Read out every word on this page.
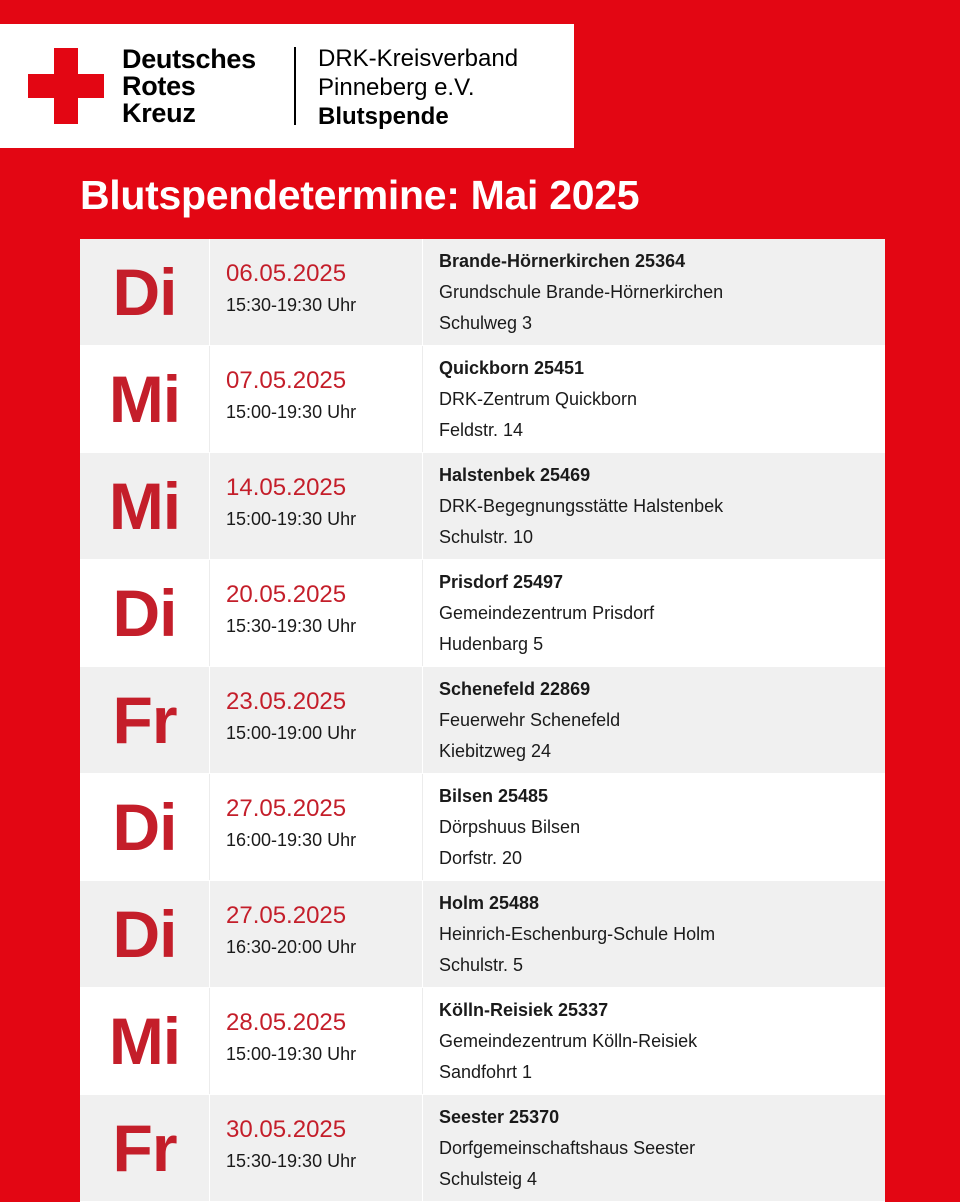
Deutsches
Rotes
Kreuz
DRK-Kreisverband
Pinneberg e.V.
Blutspende
Blutspendetermine: Mai 2025
Di 06.05.2025
15:30-19:30 Uhr
Brande-Hörnerkirchen 25364
Grundschule Brande-Hörnerkirchen
Schulweg 3
Mi 07.05.2025
15:00-19:30 Uhr
Quickborn 25451
DRK-Zentrum Quickborn
Feldstr. 14
Mi 14.05.2025
15:00-19:30 Uhr
Halstenbek 25469
DRK-Begegnungsstätte Halstenbek
Schulstr. 10
Di 20.05.2025
15:30-19:30 Uhr
Prisdorf 25497
Gemeindezentrum Prisdorf
Hudenbarg 5
Fr 23.05.2025
15:00-19:00 Uhr
Schenefeld 22869
Feuerwehr Schenefeld
Kiebitzweg 24
Di 27.05.2025
16:00-19:30 Uhr
Bilsen 25485
Dörpshuus Bilsen
Dorfstr. 20
Di 27.05.2025
16:30-20:00 Uhr
Holm 25488
Heinrich-Eschenburg-Schule Holm
Schulstr. 5
Mi 28.05.2025
15:00-19:30 Uhr
Kölln-Reisiek 25337
Gemeindezentrum Kölln-Reisiek
Sandfohrt 1
Fr 30.05.2025
15:30-19:30 Uhr
Seester 25370
Dorfgemeinschaftshaus Seester
Schulsteig 4
